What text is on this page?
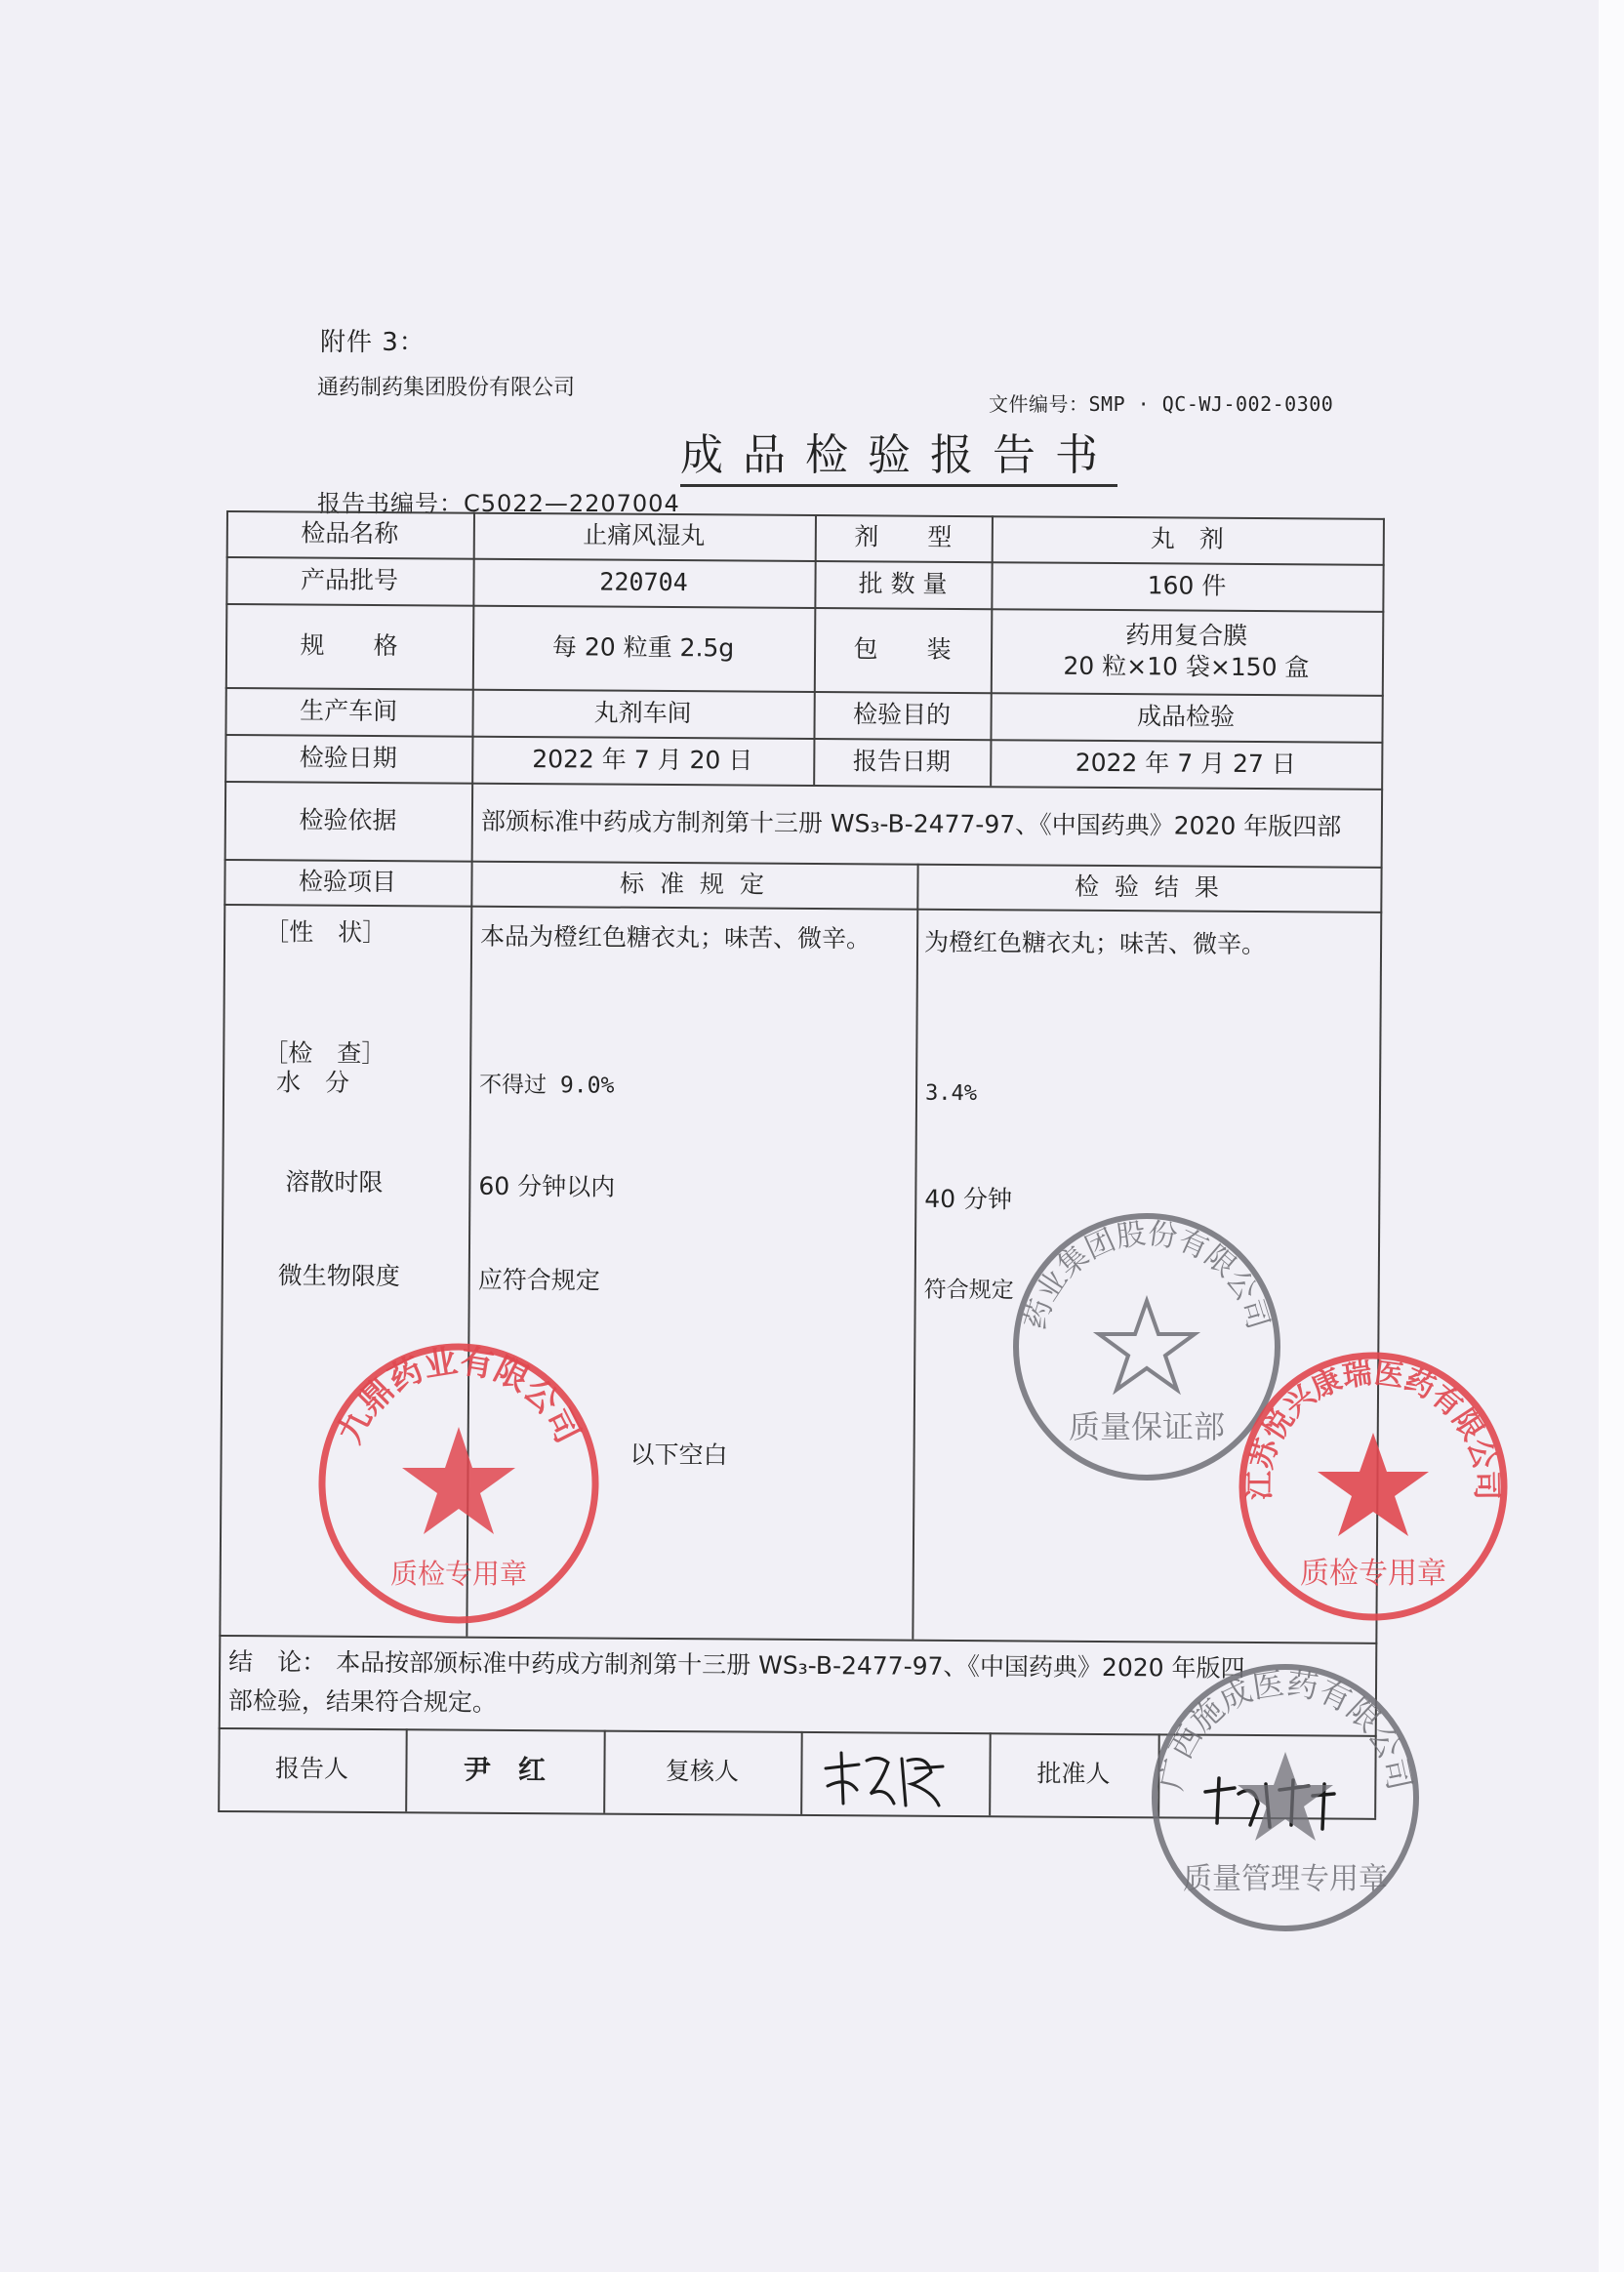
附件 3：
通药制药集团股份有限公司
文件编号：SMP · QC-WJ-002-0300
成品检验报告书
报告书编号：C5022—2207004
检品名称	止痛风湿丸	剂　　型	丸　剂
产品批号	220704	批 数 量	160 件
规　　格	每 20 粒重 2.5g	包　　装	药用复合膜
20 粒×10 袋×150 盒
生产车间	丸剂车间	检验目的	成品检验
检验日期	2022 年 7 月 20 日	报告日期	2022 年 7 月 27 日
检验依据	部颁标准中药成方制剂第十三册 WS₃-B-2477-97、《中国药典》2020 年版四部
检验项目	标 准 规 定	检 验 结 果
［性　状］	本品为橙红色糖衣丸；味苦、微辛。 为橙红色糖衣丸；味苦、微辛。
［检　查］
水　分	不得过 9.0%	3.4%
溶散时限	60 分钟以内	40 分钟
微生物限度	应符合规定	符合规定
以下空白
结　论： 本品按部颁标准中药成方制剂第十三册 WS₃-B-2477-97、《中国药典》2020 年版四
部检验，结果符合规定。
报告人	尹　红	复核人	批准人
九鼎药业有限公司
质检专用章
药业集团股份有限公司
质量保证部
江苏悦兴康瑞医药有限公司
质检专用章
广西施成医药有限公司
质量管理专用章
